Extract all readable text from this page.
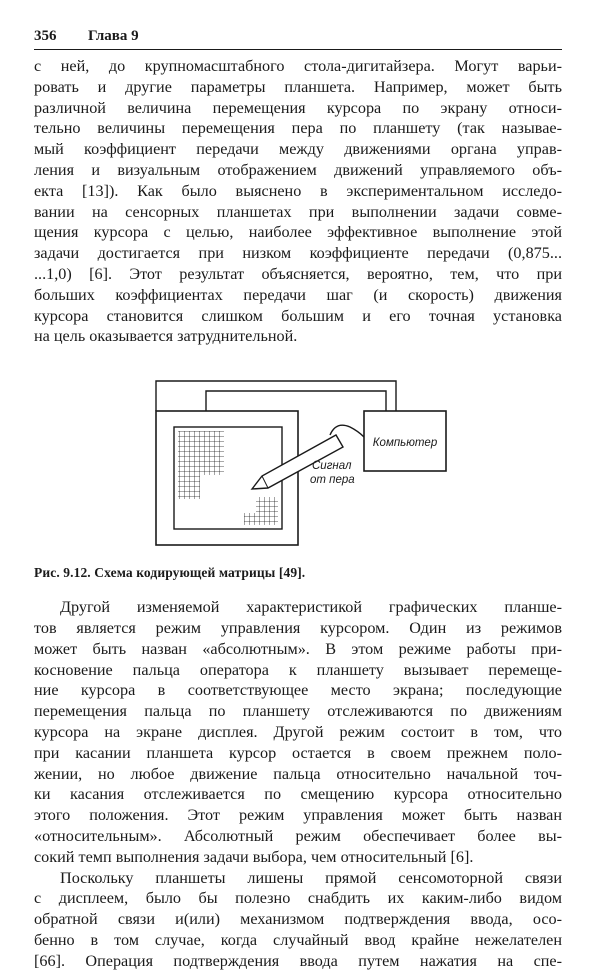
356	Глава 9

с ней, до крупномасштабного стола-дигитайзера. Могут варьи-
ровать и другие параметры планшета. Например, может быть
различной величина перемещения курсора по экрану относи-
тельно величины перемещения пера по планшету (так называе-
мый коэффициент передачи между движениями органа управ-
ления и визуальным отображением движений управляемого объ-
екта [13]). Как было выяснено в экспериментальном исследо-
вании на сенсорных планшетах при выполнении задачи совме-
щения курсора с целью, наиболее эффективное выполнение этой
задачи достигается при низком коэффициенте передачи (0,875...
...1,0) [6]. Этот результат объясняется, вероятно, тем, что при
больших коэффициентах передачи шаг (и скорость) движения
курсора становится слишком большим и его точная установка
на цель оказывается затруднительной.

Компьютер
Сигнал
от пера
Рис. 9.12. Схема кодирующей матрицы [49].

Другой изменяемой характеристикой графических планше-
тов является режим управления курсором. Один из режимов
может быть назван «абсолютным». В этом режиме работы при-
косновение пальца оператора к планшету вызывает перемеще-
ние курсора в соответствующее место экрана; последующие
перемещения пальца по планшету отслеживаются по движениям
курсора на экране дисплея. Другой режим состоит в том, что
при касании планшета курсор остается в своем прежнем поло-
жении, но любое движение пальца относительно начальной точ-
ки касания отслеживается по смещению курсора относительно
этого положения. Этот режим управления может быть назван
«относительным». Абсолютный режим обеспечивает более вы-
сокий темп выполнения задачи выбора, чем относительный [6].

Поскольку планшеты лишены прямой сенсомоторной связи
с дисплеем, было бы полезно снабдить их каким-либо видом
обратной связи и(или) механизмом подтверждения ввода, осо-
бенно в том случае, когда случайный ввод крайне нежелателен
[66]. Операция подтверждения ввода путем нажатия на спе-
